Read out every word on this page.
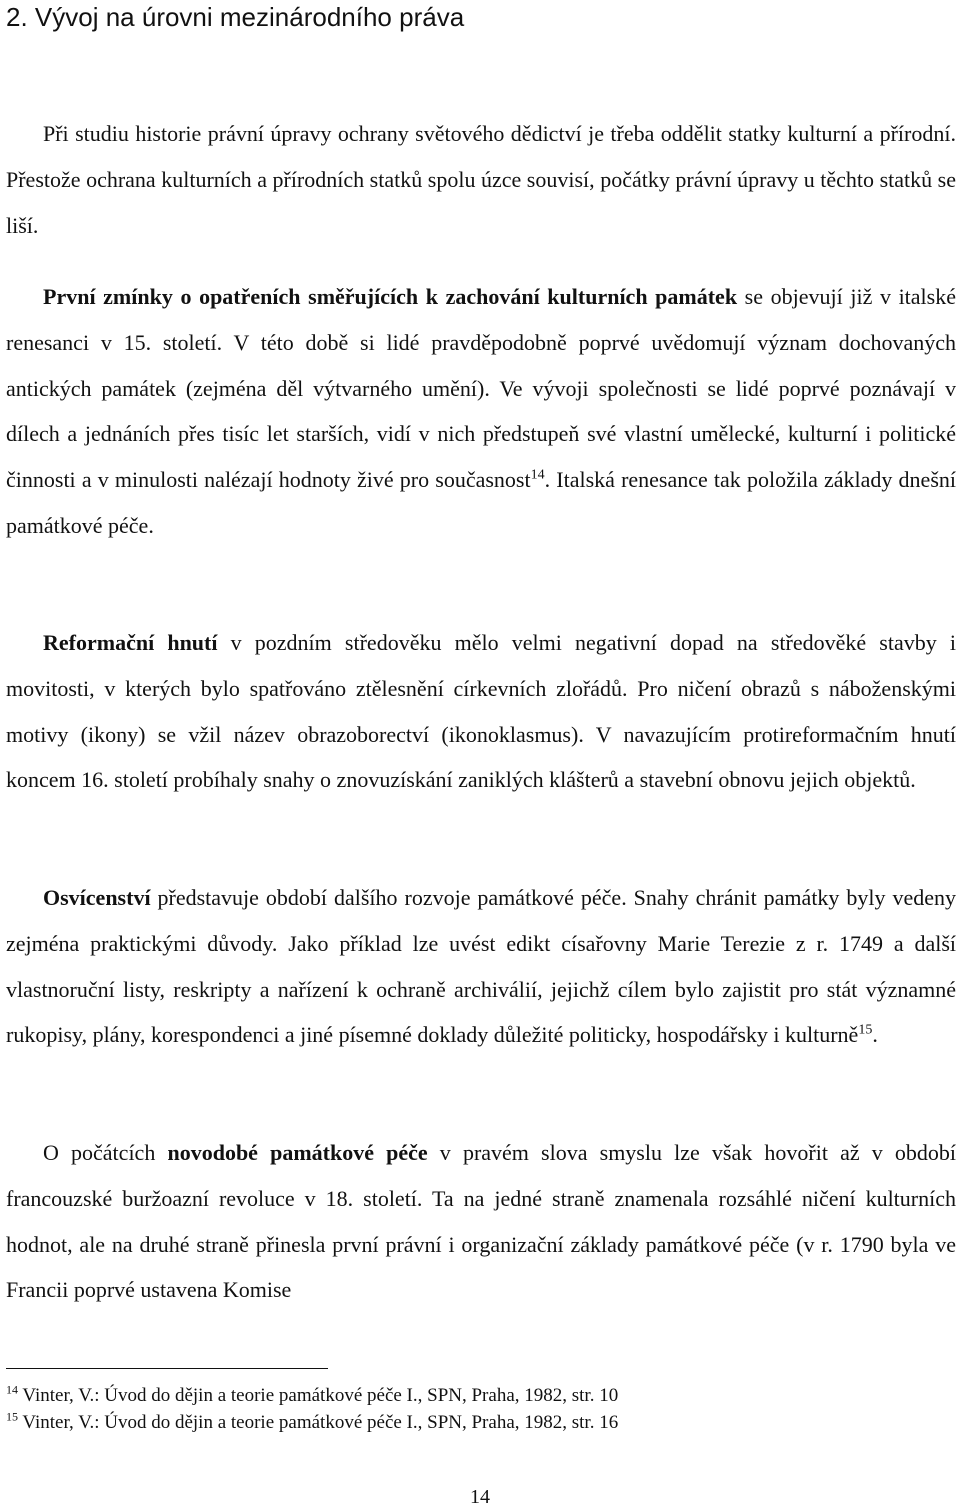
2. Vývoj na úrovni mezinárodního práva

Při studiu historie právní úpravy ochrany světového dědictví je třeba oddělit statky kulturní a přírodní. Přestože ochrana kulturních a přírodních statků spolu úzce souvisí, počátky právní úpravy u těchto statků se liší.

První zmínky o opatřeních směřujících k zachování kulturních památek se objevují již v italské renesanci v 15. století. V této době si lidé pravděpodobně poprvé uvědomují význam dochovaných antických památek (zejména děl výtvarného umění). Ve vývoji společnosti se lidé poprvé poznávají v dílech a jednáních přes tisíc let starších, vidí v nich předstupeň své vlastní umělecké, kulturní i politické činnosti a v minulosti nalézají hodnoty živé pro současnost$^{14}$. Italská renesance tak položila základy dnešní památkové péče.

Reformační hnutí v pozdním středověku mělo velmi negativní dopad na středověké stavby i movitosti, v kterých bylo spatřováno ztělesnění církevních zlořádů. Pro ničení obrazů s náboženskými motivy (ikony) se vžil název obrazoborectví (ikonoklasmus). V navazujícím protireformačním hnutí koncem 16. století probíhaly snahy o znovuzískání zaniklých klášterů a stavební obnovu jejich objektů.

Osvícenství představuje období dalšího rozvoje památkové péče. Snahy chránit památky byly vedeny zejména praktickými důvody. Jako příklad lze uvést edikt císařovny Marie Terezie z r. 1749 a další vlastnoruční listy, reskripty a nařízení k ochraně archiválií, jejichž cílem bylo zajistit pro stát významné rukopisy, plány, korespondenci a jiné písemné doklady důležité politicky, hospodářsky i kulturně$^{15}$.

O počátcích novodobé památkové péče v pravém slova smyslu lze však hovořit až v období francouzské buržoazní revoluce v 18. století. Ta na jedné straně znamenala rozsáhlé ničení kulturních hodnot, ale na druhé straně přinesla první právní i organizační základy památkové péče (v r. 1790 byla ve Francii poprvé ustavena Komise

$^{14}$ Vinter, V.: Úvod do dějin a teorie památkové péče I., SPN, Praha, 1982, str. 10

$^{15}$ Vinter, V.: Úvod do dějin a teorie památkové péče I., SPN, Praha, 1982, str. 16

14
